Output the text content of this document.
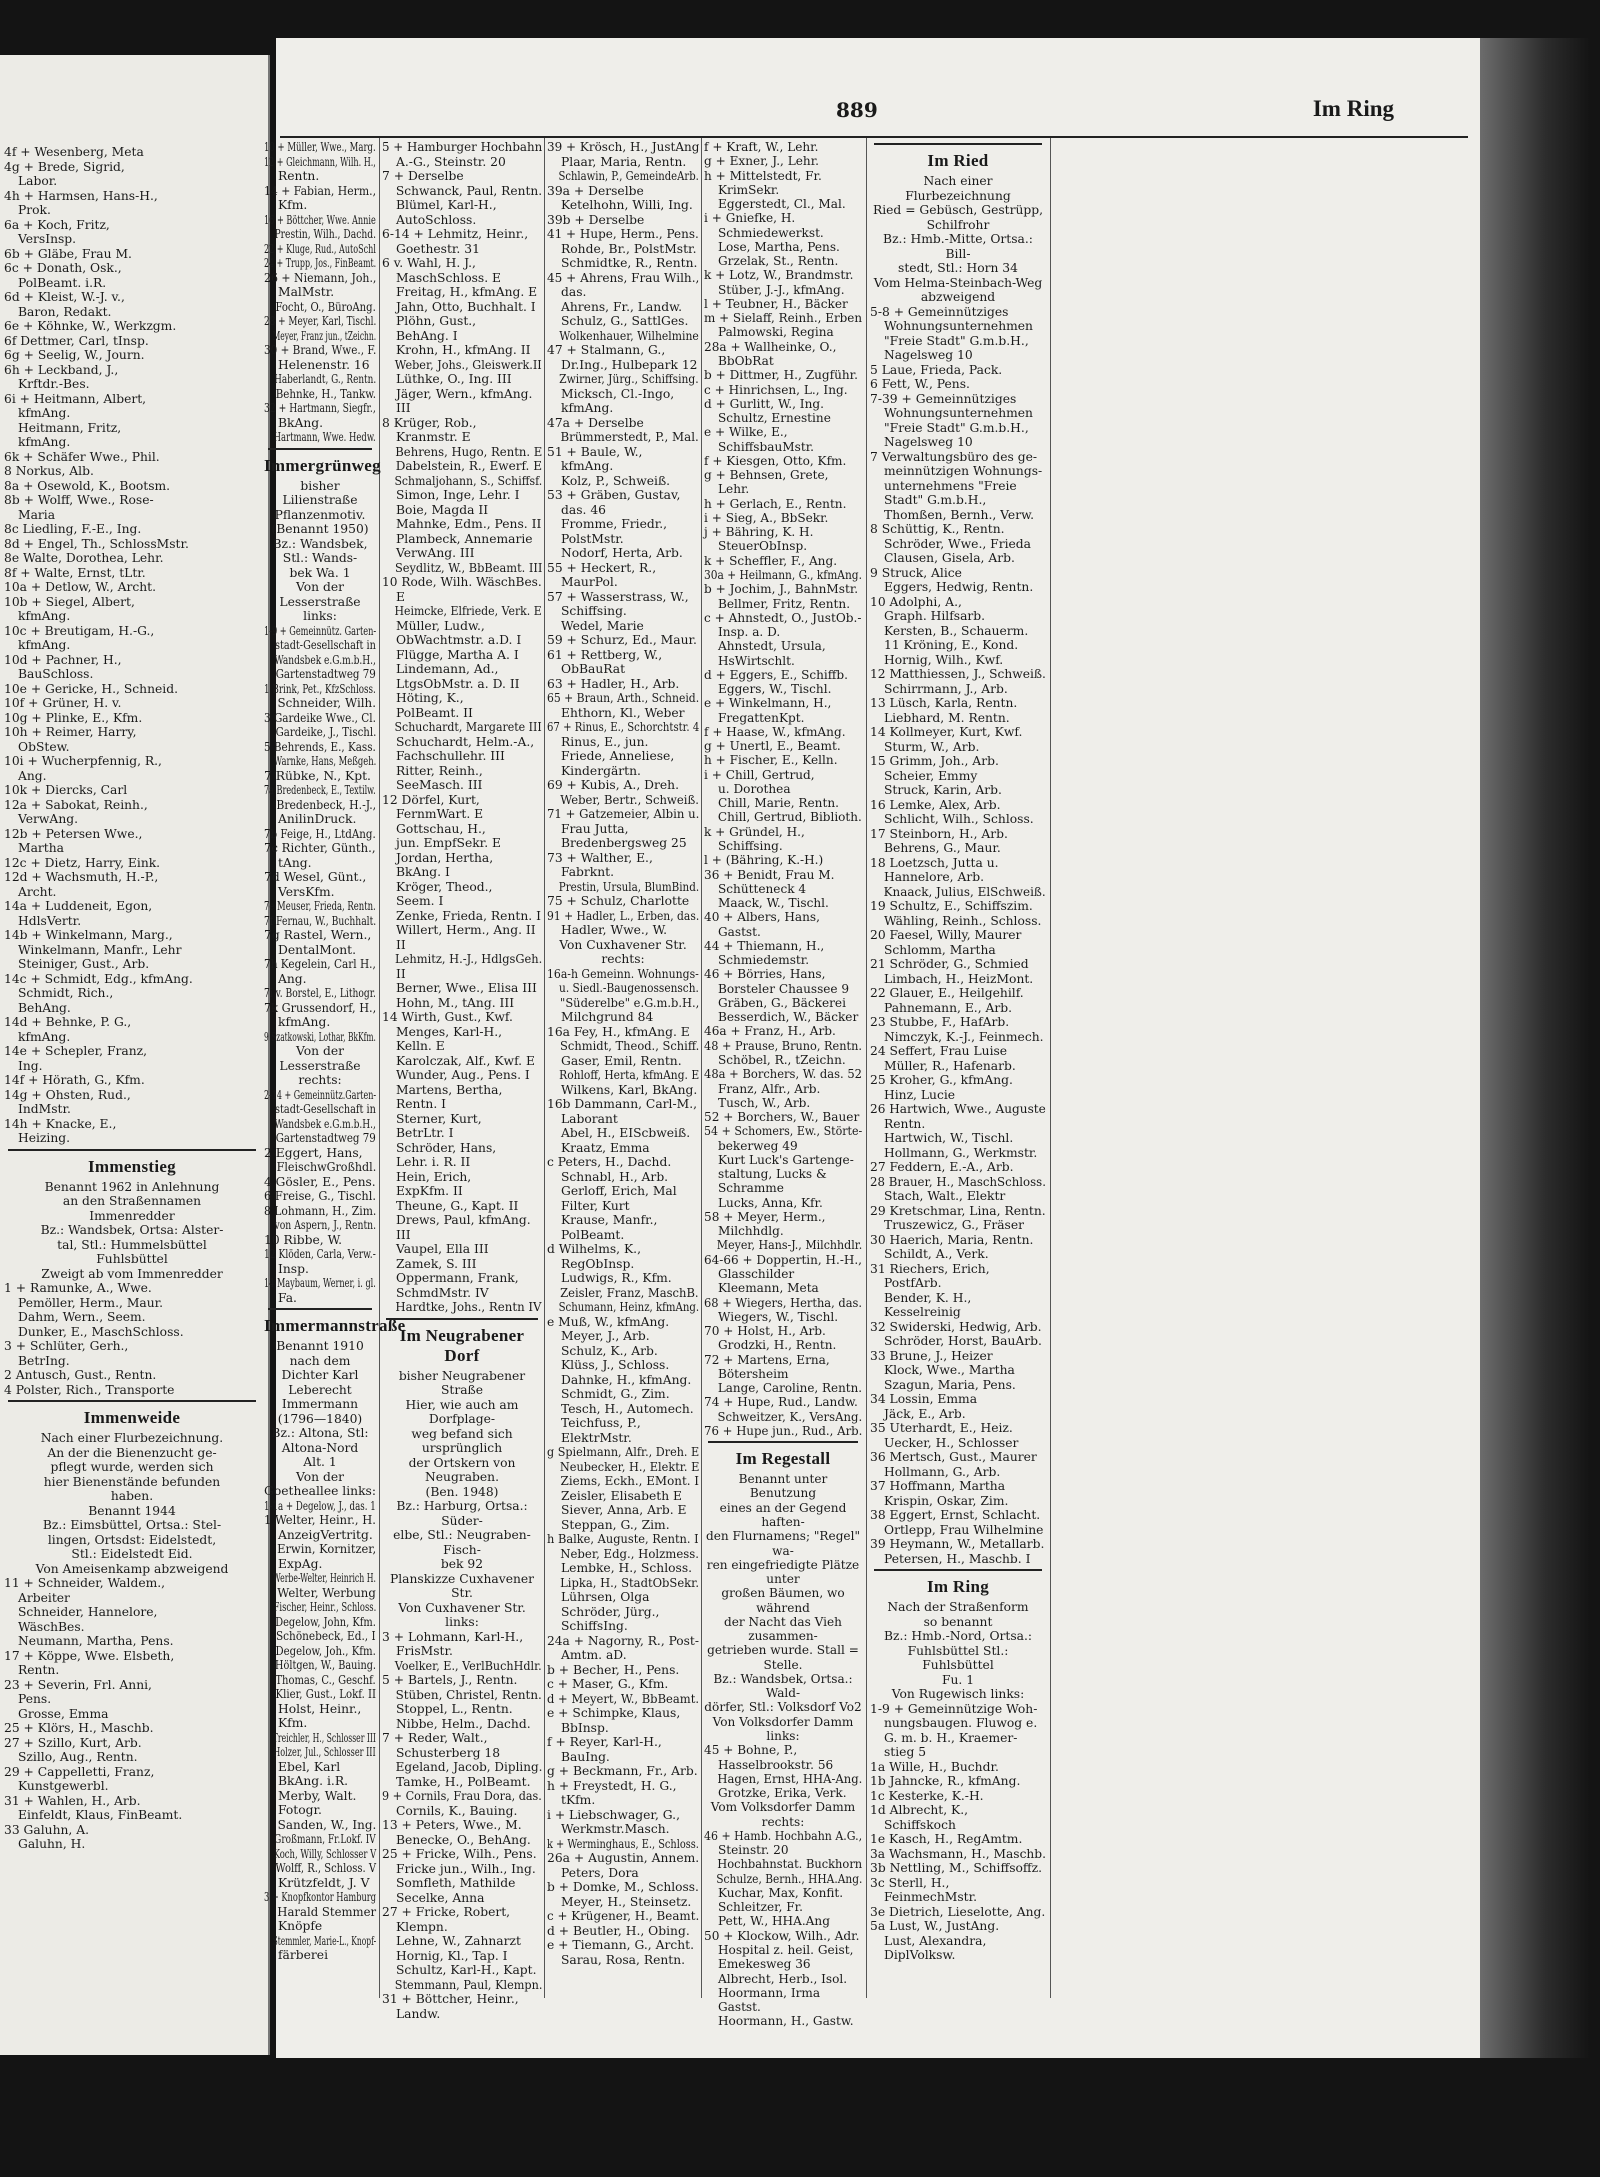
4f + Wesenberg, Meta
4g + Brede, Sigrid,
Labor.
4h + Harmsen, Hans-H.,
Prok.
6a + Koch, Fritz,
VersInsp.
6b + Gläbe, Frau M.
6c + Donath, Osk.,
PolBeamt. i.R.
6d + Kleist, W.-J. v.,
Baron, Redakt.
6e + Köhnke, W., Werkzgm.
6f Dettmer, Carl, tInsp.
6g + Seelig, W., Journ.
6h + Leckband, J.,
Krftdr.-Bes.
6i + Heitmann, Albert,
kfmAng.
Heitmann, Fritz,
kfmAng.
6k + Schäfer Wwe., Phil.
8 Norkus, Alb.
8a + Osewold, K., Bootsm.
8b + Wolff, Wwe., Rose-
Maria
8c Liedling, F.-E., Ing.
8d + Engel, Th., SchlossMstr.
8e Walte, Dorothea, Lehr.
8f + Walte, Ernst, tLtr.
10a + Detlow, W., Archt.
10b + Siegel, Albert,
kfmAng.
10c + Breutigam, H.-G.,
kfmAng.
10d + Pachner, H.,
BauSchloss.
10e + Gericke, H., Schneid.
10f + Grüner, H. v.
10g + Plinke, E., Kfm.
10h + Reimer, Harry,
ObStew.
10i + Wucherpfennig, R.,
Ang.
10k + Diercks, Carl
12a + Sabokat, Reinh.,
VerwAng.
12b + Petersen Wwe.,
Martha
12c + Dietz, Harry, Eink.
12d + Wachsmuth, H.-P.,
Archt.
14a + Luddeneit, Egon,
HdlsVertr.
14b + Winkelmann, Marg.,
Winkelmann, Manfr., Lehr
Steiniger, Gust., Arb.
14c + Schmidt, Edg., kfmAng.
Schmidt, Rich.,
BehAng.
14d + Behnke, P. G.,
kfmAng.
14e + Schepler, Franz,
Ing.
14f + Hörath, G., Kfm.
14g + Ohsten, Rud.,
IndMstr.
14h + Knacke, E.,
Heizing.
Immenstieg
Benannt 1962 in Anlehnung
an den Straßennamen
Immenredder
Bz.: Wandsbek, Ortsa: Alster-
tal, Stl.: Hummelsbüttel
Fuhlsbüttel
Zweigt ab vom Immenredder
1 + Ramunke, A., Wwe.
Pemöller, Herm., Maur.
Dahm, Wern., Seem.
Dunker, E., MaschSchloss.
3 + Schlüter, Gerh.,
BetrIng.
2 Antusch, Gust., Rentn.
4 Polster, Rich., Transporte
Immenweide
Nach einer Flurbezeichnung.
An der die Bienenzucht ge-
pflegt wurde, werden sich
hier Bienenstände befunden
haben.
Benannt 1944
Bz.: Eimsbüttel, Ortsa.: Stel-
lingen, Ortsdst: Eidelstedt,
Stl.: Eidelstedt Eid.
Von Ameisenkamp abzweigend
11 + Schneider, Waldem.,
Arbeiter
Schneider, Hannelore,
WäschBes.
Neumann, Martha, Pens.
17 + Köppe, Wwe. Elsbeth,
Rentn.
23 + Severin, Frl. Anni,
Pens.
Grosse, Emma
25 + Klörs, H., Maschb.
27 + Szillo, Kurt, Arb.
Szillo, Aug., Rentn.
29 + Cappelletti, Franz,
Kunstgewerbl.
31 + Wahlen, H., Arb.
Einfeldt, Klaus, FinBeamt.
33 Galuhn, A.
Galuhn, H.
889	Im Ring
10 + Müller, Wwe., Marg.
12 + Gleichmann, Wilh. H.,
Rentn.
14 + Fabian, Herm.,
Kfm.
16 + Böttcher, Wwe. Annie
Prestin, Wilh., Dachd.
22 + Kluge, Rud., AutoSchl
24 + Trupp, Jos., FinBeamt.
26 + Niemann, Joh.,
MalMstr.
Focht, O., BüroAng.
28 + Meyer, Karl, Tischl.
Meyer, Franz jun., tZeichn.
30 + Brand, Wwe., F.
Helenenstr. 16
Haberlandt, G., Rentn.
Behnke, H., Tankw.
32 + Hartmann, Siegfr.,
BkAng.
Hartmann, Wwe. Hedw.
Immergrünweg
bisher Lilienstraße
Pflanzenmotiv.
(Benannt 1950)
Bz.: Wandsbek, Stl.: Wands-
bek Wa. 1
Von der Lesserstraße links:
1-9 + Gemeinnütz. Garten-
stadt-Gesellschaft in
Wandsbek e.G.m.b.H.,
Gartenstadtweg 79
1 Brink, Pet., KfzSchloss.
Schneider, Wilh.
3 Gardeike Wwe., Cl.
Gardeike, J., Tischl.
5 Behrends, E., Kass.
Warnke, Hans, Meßgeh.
7 Rübke, N., Kpt.
7a Bredenbeck, E., Textilw.
Bredenbeck, H.-J.,
AnilinDruck.
7b Feige, H., LtdAng.
7c Richter, Günth.,
tAng.
7d Wesel, Günt.,
VersKfm.
7e Meuser, Frieda, Rentn.
7f Fernau, W., Buchhalt.
7g Rastel, Wern.,
DentalMont.
7h Kegelein, Carl H.,
Ang.
7i v. Borstel, E., Lithogr.
7k Grussendorf, H.,
kfmAng.
9 Szatkowski, Lothar, BkKfm.
Von der Lesserstraße rechts:
2-14 + Gemeinnütz.Garten-
stadt-Gesellschaft in
Wandsbek e.G.m.b.H.,
Gartenstadtweg 79
2 Eggert, Hans,
FleischwGroßhdl.
4 Gösler, E., Pens.
6 Freise, G., Tischl.
8 Lohmann, H., Zim.
von Aspern, J., Rentn.
10 Ribbe, W.
12 Klöden, Carla, Verw.-
Insp.
14 Maybaum, Werner, i. gl.
Fa.
Immermannstraße
Benannt 1910 nach dem
Dichter Karl Leberecht
Immermann (1796—1840)
Bz.: Altona, Stl: Altona-Nord
Alt. 1
Von der Goetheallee links:
1-1a + Degelow, J., das. 1
1 Welter, Heinr., H.
AnzeigVertritg.
Erwin, Kornitzer,
ExpAg.
Werbe-Welter, Heinrich H.
Welter, Werbung
Fischer, Heinr., Schloss.
Degelow, John, Kfm.
Schönebeck, Ed., I
Degelow, Joh., Kfm.
Höltgen, W., Bauing.
Thomas, C., Geschf.
Klier, Gust., Lokf. II
Holst, Heinr.,
Kfm.
Treichler, H., Schlosser III
Holzer, Jul., Schlosser III
Ebel, Karl
BkAng. i.R.
Merby, Walt.
Fotogr.
Sanden, W., Ing.
Großmann, Fr.Lokf. IV
Koch, Willy, Schlosser V
Wolff, R., Schloss. V
Krützfeldt, J. V
3 + Knopfkontor Hamburg
Harald Stemmer
Knöpfe
Stemmler, Marie-L., Knopf-
färberei
5 + Hamburger Hochbahn
A.-G., Steinstr. 20
7 + Derselbe
Schwanck, Paul, Rentn.
Blümel, Karl-H.,
AutoSchloss.
6-14 + Lehmitz, Heinr.,
Goethestr. 31
6 v. Wahl, H. J.,
MaschSchloss. E
Freitag, H., kfmAng. E
Jahn, Otto, Buchhalt. I
Plöhn, Gust.,
BehAng. I
Krohn, H., kfmAng. II
Weber, Johs., Gleiswerk.II
Lüthke, O., Ing. III
Jäger, Wern., kfmAng.
III
8 Krüger, Rob.,
Kranmstr. E
Behrens, Hugo, Rentn. E
Dabelstein, R., Ewerf. E
Schmaljohann, S., Schiffsf.
Simon, Inge, Lehr. I
Boie, Magda II
Mahnke, Edm., Pens. II
Plambeck, Annemarie
VerwAng. III
Seydlitz, W., BbBeamt. III
10 Rode, Wilh. WäschBes.
E
Heimcke, Elfriede, Verk. E
Müller, Ludw.,
ObWachtmstr. a.D. I
Flügge, Martha A. I
Lindemann, Ad.,
LtgsObMstr. a. D. II
Höting, K.,
PolBeamt. II
Schuchardt, Margarete III
Schuchardt, Helm.-A.,
Fachschullehr. III
Ritter, Reinh.,
SeeMasch. III
12 Dörfel, Kurt,
FernmWart. E
Gottschau, H.,
jun. EmpfSekr. E
Jordan, Hertha,
BkAng. I
Kröger, Theod.,
Seem. I
Zenke, Frieda, Rentn. I
Willert, Herm., Ang. II
II
Lehmitz, H.-J., HdlgsGeh.
II
Berner, Wwe., Elisa III
Hohn, M., tAng. III
14 Wirth, Gust., Kwf.
Menges, Karl-H.,
Kelln. E
Karolczak, Alf., Kwf. E
Wunder, Aug., Pens. I
Martens, Bertha,
Rentn. I
Sterner, Kurt,
BetrLtr. I
Schröder, Hans,
Lehr. i. R. II
Hein, Erich,
ExpKfm. II
Theune, G., Kapt. II
Drews, Paul, kfmAng.
III
Vaupel, Ella III
Zamek, S. III
Oppermann, Frank,
SchmdMstr. IV
Hardtke, Johs., Rentn IV
Im Neugrabener Dorf
bisher Neugrabener Straße
Hier, wie auch am Dorfplage-
weg befand sich ursprünglich
der Ortskern von Neugraben.
(Ben. 1948)
Bz.: Harburg, Ortsa.: Süder-
elbe, Stl.: Neugraben-Fisch-
bek 92
Planskizze Cuxhavener Str.
Von Cuxhavener Str. links:
3 + Lohmann, Karl-H.,
FrisMstr.
Voelker, E., VerlBuchHdlr.
5 + Bartels, J., Rentn.
Stüben, Christel, Rentn.
Stoppel, L., Rentn.
Nibbe, Helm., Dachd.
7 + Reder, Walt.,
Schusterberg 18
Egeland, Jacob, Dipling.
Tamke, H., PolBeamt.
9 + Cornils, Frau Dora, das.
Cornils, K., Bauing.
13 + Peters, Wwe., M.
Benecke, O., BehAng.
25 + Fricke, Wilh., Pens.
Fricke jun., Wilh., Ing.
Somfleth, Mathilde
Secelke, Anna
27 + Fricke, Robert,
Klempn.
Lehne, W., Zahnarzt
Hornig, Kl., Tap. I
Schultz, Karl-H., Kapt.
Stemmann, Paul, Klempn.
31 + Böttcher, Heinr.,
Landw.
39 + Krösch, H., JustAng
Plaar, Maria, Rentn.
Schlawin, P., GemeindeArb.
39a + Derselbe
Ketelhohn, Willi, Ing.
39b + Derselbe
41 + Hupe, Herm., Pens.
Rohde, Br., PolstMstr.
Schmidtke, R., Rentn.
45 + Ahrens, Frau Wilh.,
das.
Ahrens, Fr., Landw.
Schulz, G., SattlGes.
Wolkenhauer, Wilhelmine
47 + Stalmann, G.,
Dr.Ing., Hulbepark 12
Zwirner, Jürg., Schiffsing.
Micksch, Cl.-Ingo,
kfmAng.
47a + Derselbe
Brümmerstedt, P., Mal.
51 + Baule, W.,
kfmAng.
Kolz, P., Schweiß.
53 + Gräben, Gustav,
das. 46
Fromme, Friedr.,
PolstMstr.
Nodorf, Herta, Arb.
55 + Heckert, R.,
MaurPol.
57 + Wasserstrass, W.,
Schiffsing.
Wedel, Marie
59 + Schurz, Ed., Maur.
61 + Rettberg, W.,
ObBauRat
63 + Hadler, H., Arb.
65 + Braun, Arth., Schneid.
Ehthorn, Kl., Weber
67 + Rinus, E., Schorchtstr. 4
Rinus, E., jun.
Friede, Anneliese,
Kindergärtn.
69 + Kubis, A., Dreh.
Weber, Bertr., Schweiß.
71 + Gatzemeier, Albin u.
Frau Jutta,
Bredenbergsweg 25
73 + Walther, E.,
Fabrknt.
Prestin, Ursula, BlumBind.
75 + Schulz, Charlotte
91 + Hadler, L., Erben, das.
Hadler, Wwe., W.
Von Cuxhavener Str. rechts:
16a-h Gemeinn. Wohnungs-
u. Siedl.-Baugenossensch.
"Süderelbe" e.G.m.b.H.,
Milchgrund 84
16a Fey, H., kfmAng. E
Schmidt, Theod., Schiff.
Gaser, Emil, Rentn.
Rohloff, Herta, kfmAng. E
Wilkens, Karl, BkAng.
16b Dammann, Carl-M.,
Laborant
Abel, H., EIScbweiß.
Kraatz, Emma
c Peters, H., Dachd.
Schnabl, H., Arb.
Gerloff, Erich, Mal
Filter, Kurt
Krause, Manfr.,
PolBeamt.
d Wilhelms, K.,
RegObInsp.
Ludwigs, R., Kfm.
Zeisler, Franz, MaschB.
Schumann, Heinz, kfmAng.
e Muß, W., kfmAng.
Meyer, J., Arb.
Schulz, K., Arb.
Klüss, J., Schloss.
Dahnke, H., kfmAng.
Schmidt, G., Zim.
Tesch, H., Automech.
Teichfuss, P.,
ElektrMstr.
g Spielmann, Alfr., Dreh. E
Neubecker, H., Elektr. E
Ziems, Eckh., EMont. I
Zeisler, Elisabeth E
Siever, Anna, Arb. E
Steppan, G., Zim.
h Balke, Auguste, Rentn. I
Neber, Edg., Holzmess.
Lembke, H., Schloss.
Lipka, H., StadtObSekr.
Lührsen, Olga
Schröder, Jürg.,
SchiffsIng.
24a + Nagorny, R., Post-
Amtm. aD.
b + Becher, H., Pens.
c + Maser, G., Kfm.
d + Meyert, W., BbBeamt.
e + Schimpke, Klaus,
BbInsp.
f + Reyer, Karl-H.,
BauIng.
g + Beckmann, Fr., Arb.
h + Freystedt, H. G.,
tKfm.
i + Liebschwager, G.,
Werkmstr.Masch.
k + Werminghaus, E., Schloss.
26a + Augustin, Annem.
Peters, Dora
b + Domke, M., Schloss.
Meyer, H., Steinsetz.
c + Krügener, H., Beamt.
d + Beutler, H., Obing.
e + Tiemann, G., Archt.
Sarau, Rosa, Rentn.
f + Kraft, W., Lehr.
g + Exner, J., Lehr.
h + Mittelstedt, Fr.
KrimSekr.
Eggerstedt, Cl., Mal.
i + Gniefke, H.
Schmiedewerkst.
Lose, Martha, Pens.
Grzelak, St., Rentn.
k + Lotz, W., Brandmstr.
Stüber, J.-J., kfmAng.
l + Teubner, H., Bäcker
m + Sielaff, Reinh., Erben
Palmowski, Regina
28a + Wallheinke, O.,
BbObRat
b + Dittmer, H., Zugführ.
c + Hinrichsen, L., Ing.
d + Gurlitt, W., Ing.
Schultz, Ernestine
e + Wilke, E.,
SchiffsbauMstr.
f + Kiesgen, Otto, Kfm.
g + Behnsen, Grete,
Lehr.
h + Gerlach, E., Rentn.
i + Sieg, A., BbSekr.
j + Bähring, K. H.
SteuerObInsp.
k + Scheffler, F., Ang.
30a + Heilmann, G., kfmAng.
b + Jochim, J., BahnMstr.
Bellmer, Fritz, Rentn.
c + Ahnstedt, O., JustOb.-
Insp. a. D.
Ahnstedt, Ursula,
HsWirtschlt.
d + Eggers, E., Schiffb.
Eggers, W., Tischl.
e + Winkelmann, H.,
FregattenKpt.
f + Haase, W., kfmAng.
g + Unertl, E., Beamt.
h + Fischer, E., Kelln.
i + Chill, Gertrud,
u. Dorothea
Chill, Marie, Rentn.
Chill, Gertrud, Biblioth.
k + Gründel, H.,
Schiffsing.
l + (Bähring, K.-H.)
36 + Benidt, Frau M.
Schütteneck 4
Maack, W., Tischl.
40 + Albers, Hans,
Gastst.
44 + Thiemann, H.,
Schmiedemstr.
46 + Börries, Hans,
Borsteler Chaussee 9
Gräben, G., Bäckerei
Besserdich, W., Bäcker
46a + Franz, H., Arb.
48 + Prause, Bruno, Rentn.
Schöbel, R., tZeichn.
48a + Borchers, W. das. 52
Franz, Alfr., Arb.
Tusch, W., Arb.
52 + Borchers, W., Bauer
54 + Schomers, Ew., Störte-
bekerweg 49
Kurt Luck's Gartenge-
staltung, Lucks &
Schramme
Lucks, Anna, Kfr.
58 + Meyer, Herm.,
Milchhdlg.
Meyer, Hans-J., Milchhdlr.
64-66 + Doppertin, H.-H.,
Glasschilder
Kleemann, Meta
68 + Wiegers, Hertha, das.
Wiegers, W., Tischl.
70 + Holst, H., Arb.
Grodzki, H., Rentn.
72 + Martens, Erna,
Bötersheim
Lange, Caroline, Rentn.
74 + Hupe, Rud., Landw.
Schweitzer, K., VersAng.
76 + Hupe jun., Rud., Arb.
Im Regestall
Benannt unter Benutzung
eines an der Gegend haften-
den Flurnamens; "Regel" wa-
ren eingefriedigte Plätze unter
großen Bäumen, wo während
der Nacht das Vieh zusammen-
getrieben wurde. Stall = Stelle.
Bz.: Wandsbek, Ortsa.: Wald-
dörfer, Stl.: Volksdorf Vo2
Von Volksdorfer Damm links:
45 + Bohne, P.,
Hasselbrookstr. 56
Hagen, Ernst, HHA-Ang.
Grotzke, Erika, Verk.
Vom Volksdorfer Damm
rechts:
46 + Hamb. Hochbahn A.G.,
Steinstr. 20
Hochbahnstat. Buckhorn
Schulze, Bernh., HHA.Ang.
Kuchar, Max, Konfit.
Schleitzer, Fr.
Pett, W., HHA.Ang
50 + Klockow, Wilh., Adr.
Hospital z. heil. Geist,
Emekesweg 36
Albrecht, Herb., Isol.
Hoormann, Irma
Gastst.
Hoormann, H., Gastw.
Im Ried
Nach einer Flurbezeichnung
Ried = Gebüsch, Gestrüpp,
Schilfrohr
Bz.: Hmb.-Mitte, Ortsa.: Bill-
stedt, Stl.: Horn 34
Vom Helma-Steinbach-Weg
abzweigend
5-8 + Gemeinnütziges
Wohnungsunternehmen
"Freie Stadt" G.m.b.H.,
Nagelsweg 10
5 Laue, Frieda, Pack.
6 Fett, W., Pens.
7-39 + Gemeinnütziges
Wohnungsunternehmen
"Freie Stadt" G.m.b.H.,
Nagelsweg 10
7 Verwaltungsbüro des ge-
meinnützigen Wohnungs-
unternehmens "Freie
Stadt" G.m.b.H.,
Thomßen, Bernh., Verw.
8 Schüttig, K., Rentn.
Schröder, Wwe., Frieda
Clausen, Gisela, Arb.
9 Struck, Alice
Eggers, Hedwig, Rentn.
10 Adolphi, A.,
Graph. Hilfsarb.
Kersten, B., Schauerm.
11 Kröning, E., Kond.
Hornig, Wilh., Kwf.
12 Matthiessen, J., Schweiß.
Schirrmann, J., Arb.
13 Lüsch, Karla, Rentn.
Liebhard, M. Rentn.
14 Kollmeyer, Kurt, Kwf.
Sturm, W., Arb.
15 Grimm, Joh., Arb.
Scheier, Emmy
Struck, Karin, Arb.
16 Lemke, Alex, Arb.
Schlicht, Wilh., Schloss.
17 Steinborn, H., Arb.
Behrens, G., Maur.
18 Loetzsch, Jutta u.
Hannelore, Arb.
Knaack, Julius, ElSchweiß.
19 Schultz, E., Schiffszim.
Wähling, Reinh., Schloss.
20 Faesel, Willy, Maurer
Schlomm, Martha
21 Schröder, G., Schmied
Limbach, H., HeizMont.
22 Glauer, E., Heilgehilf.
Pahnemann, E., Arb.
23 Stubbe, F., HafArb.
Nimczyk, K.-J., Feinmech.
24 Seffert, Frau Luise
Müller, R., Hafenarb.
25 Kroher, G., kfmAng.
Hinz, Lucie
26 Hartwich, Wwe., Auguste
Rentn.
Hartwich, W., Tischl.
Hollmann, G., Werkmstr.
27 Feddern, E.-A., Arb.
28 Brauer, H., MaschSchloss.
Stach, Walt., Elektr
29 Kretschmar, Lina, Rentn.
Truszewicz, G., Fräser
30 Haerich, Maria, Rentn.
Schildt, A., Verk.
31 Riechers, Erich,
PostfArb.
Bender, K. H.,
Kesselreinig
32 Swiderski, Hedwig, Arb.
Schröder, Horst, BauArb.
33 Brune, J., Heizer
Klock, Wwe., Martha
Szagun, Maria, Pens.
34 Lossin, Emma
Jäck, E., Arb.
35 Uterhardt, E., Heiz.
Uecker, H., Schlosser
36 Mertsch, Gust., Maurer
Hollmann, G., Arb.
37 Hoffmann, Martha
Krispin, Oskar, Zim.
38 Eggert, Ernst, Schlacht.
Ortlepp, Frau Wilhelmine
39 Heymann, W., Metallarb.
Petersen, H., Maschb. I
Im Ring
Nach der Straßenform
so benannt
Bz.: Hmb.-Nord, Ortsa.:
Fuhlsbüttel Stl.: Fuhlsbüttel
Fu. 1
Von Rugewisch links:
1-9 + Gemeinnützige Woh-
nungsbaugen. Fluwog e.
G. m. b. H., Kraemer-
stieg 5
1a Wille, H., Buchdr.
1b Jahncke, R., kfmAng.
1c Kesterke, K.-H.
1d Albrecht, K.,
Schiffskoch
1e Kasch, H., RegAmtm.
3a Wachsmann, H., Maschb.
3b Nettling, M., Schiffsoffz.
3c Sterll, H.,
FeinmechMstr.
3e Dietrich, Lieselotte, Ang.
5a Lust, W., JustAng.
Lust, Alexandra,
DiplVolksw.
